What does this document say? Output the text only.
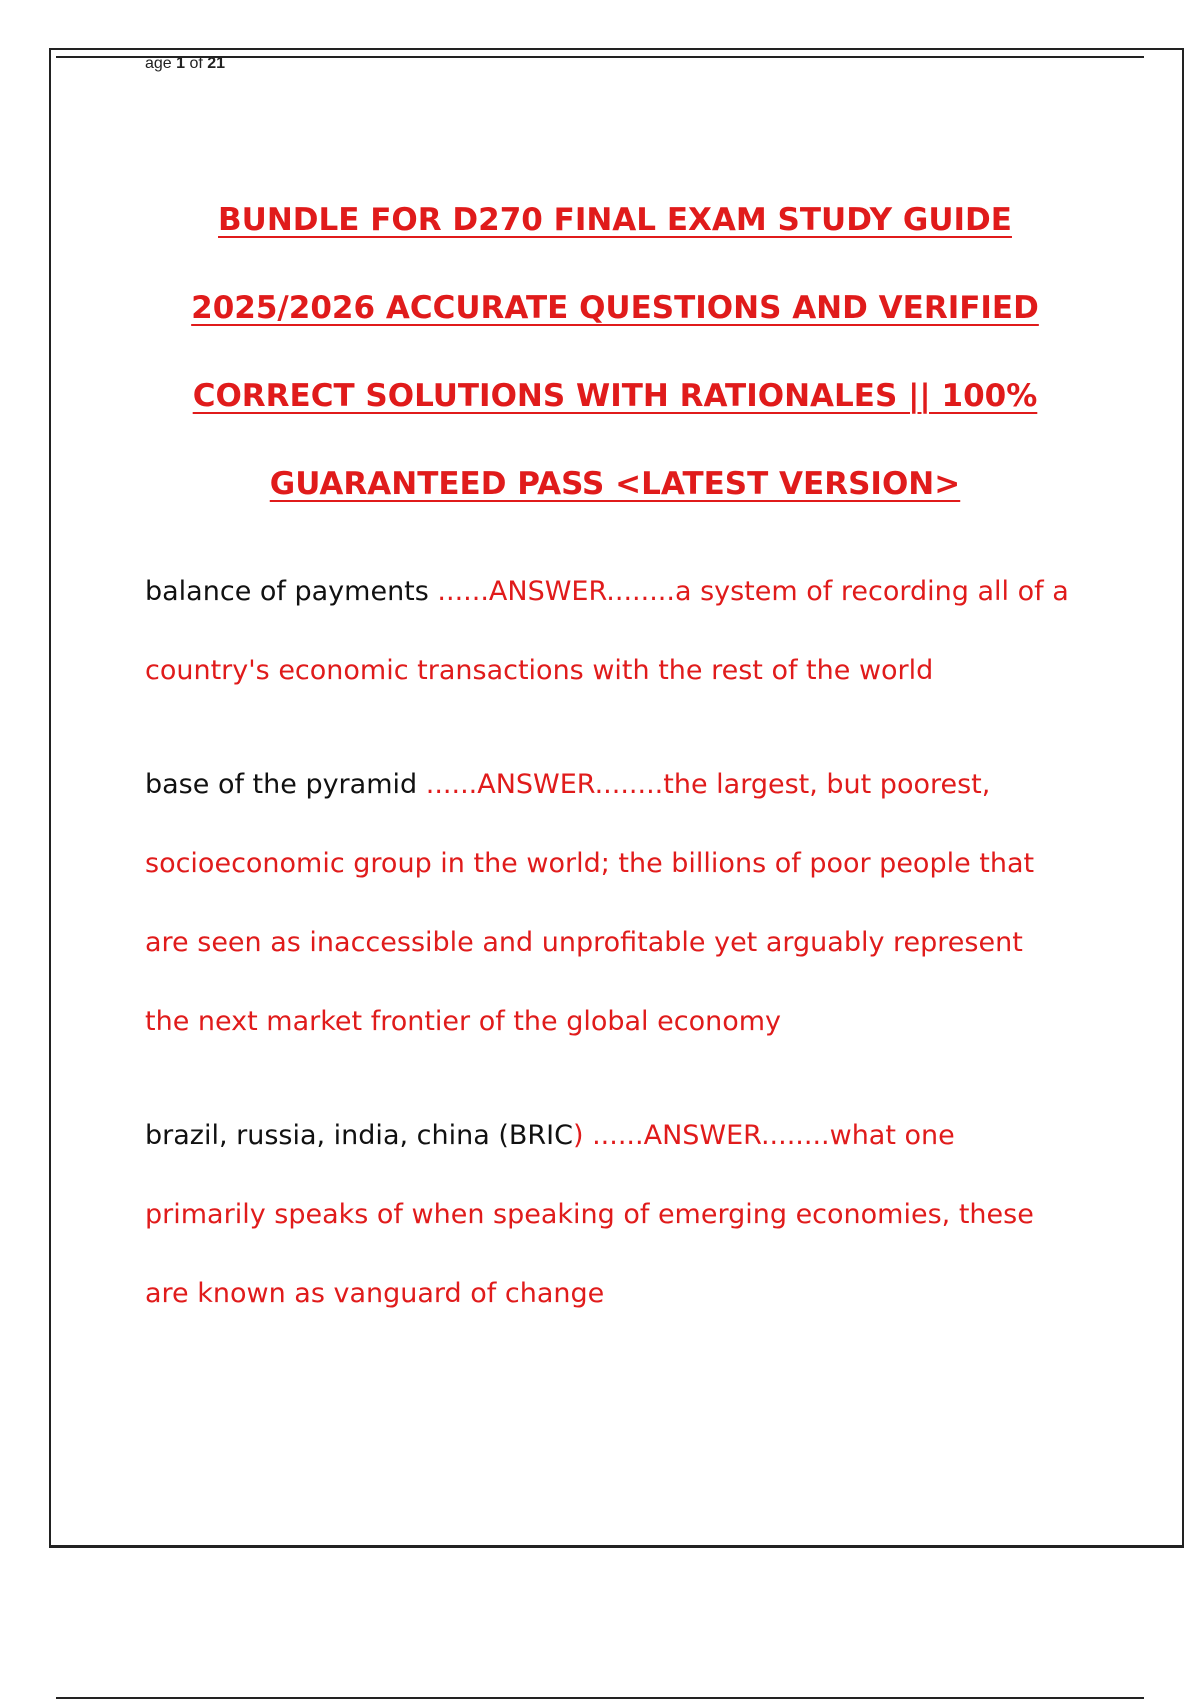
age 1 of 21
BUNDLE FOR D270 FINAL EXAM STUDY GUIDE
2025/2026 ACCURATE QUESTIONS AND VERIFIED
CORRECT SOLUTIONS WITH RATIONALES || 100%
GUARANTEED PASS <LATEST VERSION>
balance of payments ......ANSWER........a system of recording all of a country's economic transactions with the rest of the world
base of the pyramid ......ANSWER........the largest, but poorest, socioeconomic group in the world; the billions of poor people that are seen as inaccessible and unprofitable yet arguably represent the next market frontier of the global economy
brazil, russia, india, china (BRIC) ......ANSWER........what one primarily speaks of when speaking of emerging economies, these are known as vanguard of change
